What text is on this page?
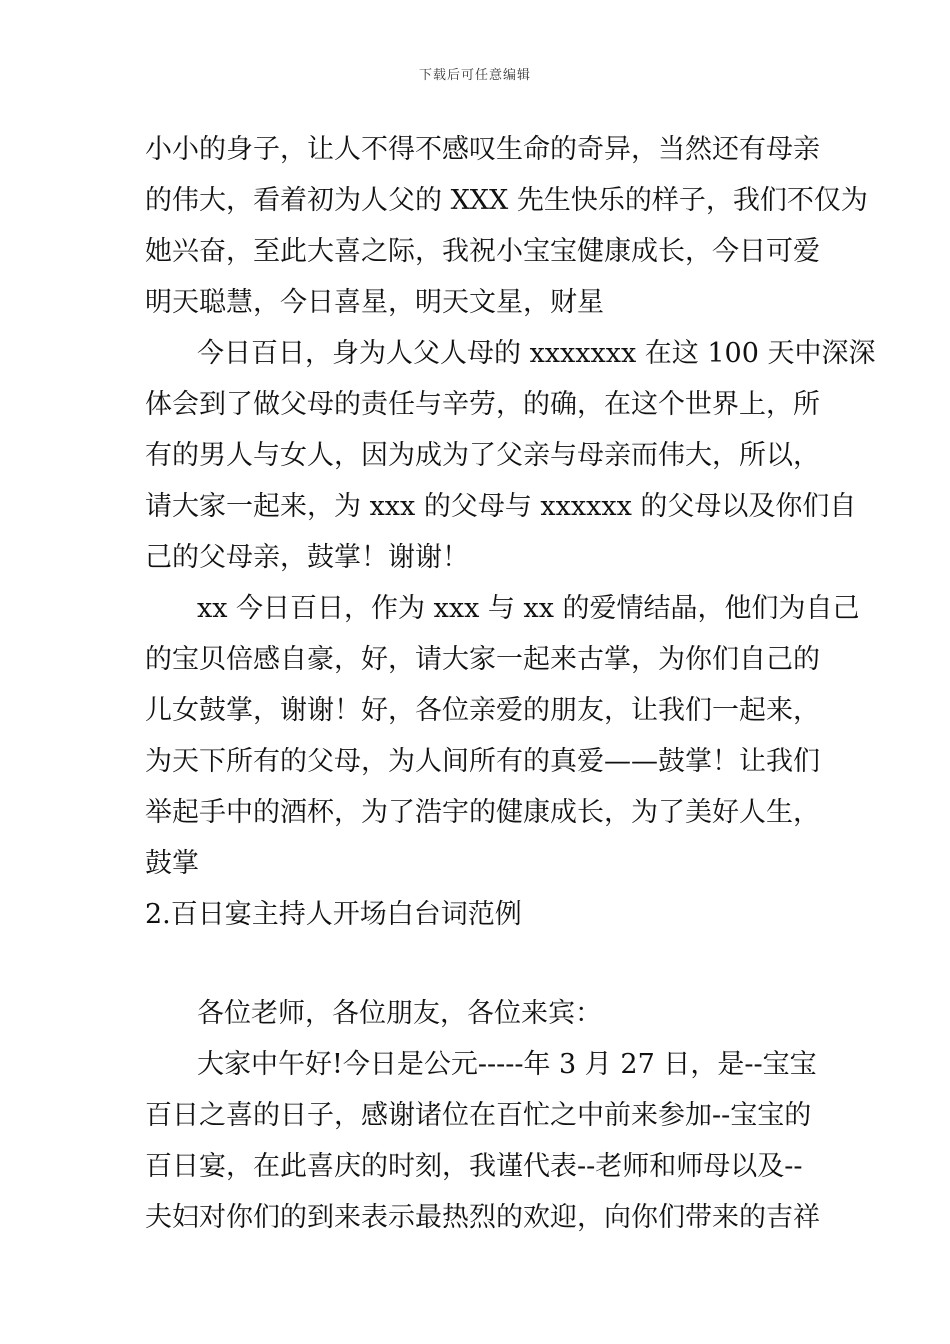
下载后可任意编辑
小小的身子，让人不得不感叹生命的奇异，当然还有母亲
的伟大，看着初为人父的 XXX 先生快乐的样子，我们不仅为
她兴奋，至此大喜之际，我祝小宝宝健康成长，今日可爱
明天聪慧，今日喜星，明天文星，财星
今日百日，身为人父人母的 xxxxxxx 在这 100 天中深深
体会到了做父母的责任与辛劳，的确，在这个世界上，所
有的男人与女人，因为成为了父亲与母亲而伟大，所以，
请大家一起来，为 xxx 的父母与 xxxxxx 的父母以及你们自
己的父母亲，鼓掌！谢谢！
xx 今日百日，作为 xxx 与 xx 的爱情结晶，他们为自己
的宝贝倍感自豪，好，请大家一起来古掌，为你们自己的
儿女鼓掌，谢谢！好，各位亲爱的朋友，让我们一起来，
为天下所有的父母，为人间所有的真爱——鼓掌！让我们
举起手中的酒杯，为了浩宇的健康成长，为了美好人生，
鼓掌
2.百日宴主持人开场白台词范例
各位老师，各位朋友，各位来宾：
大家中午好!今日是公元-----年 3 月 27 日，是--宝宝
百日之喜的日子，感谢诸位在百忙之中前来参加--宝宝的
百日宴，在此喜庆的时刻，我谨代表--老师和师母以及--
夫妇对你们的到来表示最热烈的欢迎，向你们带来的吉祥
